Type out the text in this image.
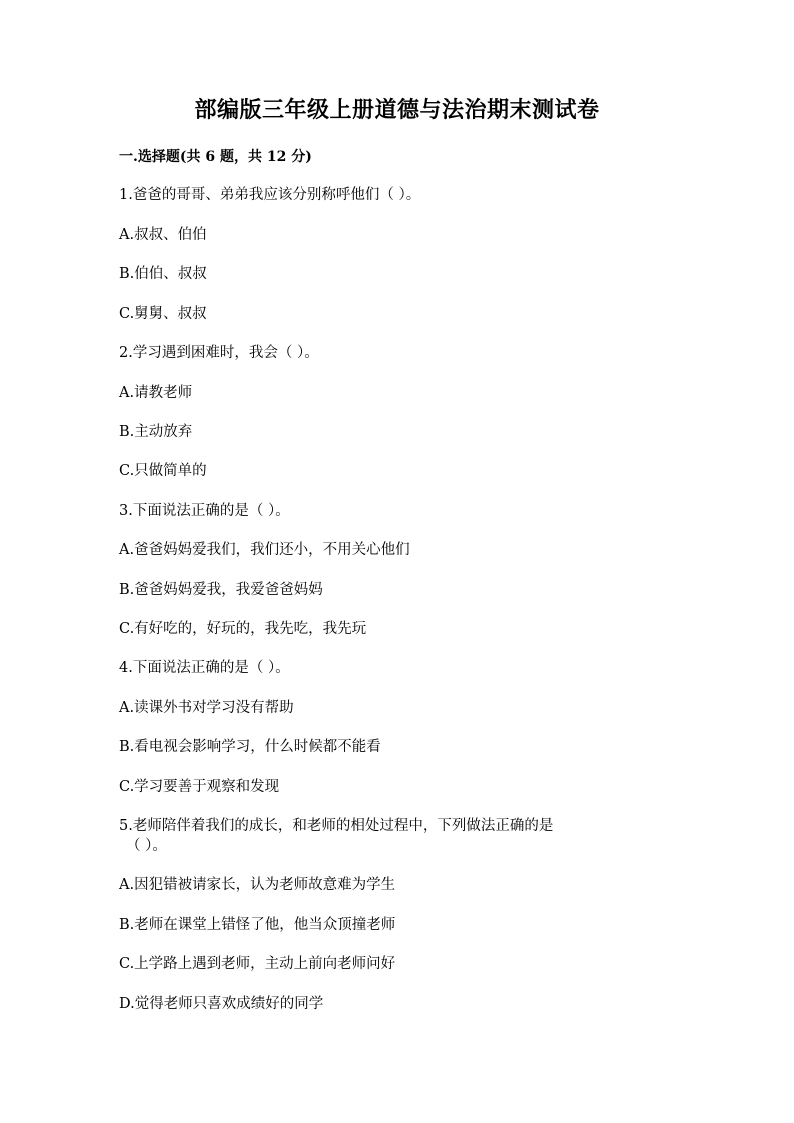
部编版三年级上册道德与法治期末测试卷
一.选择题(共 6 题，共 12 分)
1.爸爸的哥哥、弟弟我应该分别称呼他们（ ）。
A.叔叔、伯伯
B.伯伯、叔叔
C.舅舅、叔叔
2.学习遇到困难时，我会（ ）。
A.请教老师
B.主动放弃
C.只做简单的
3.下面说法正确的是（ ）。
A.爸爸妈妈爱我们，我们还小，不用关心他们
B.爸爸妈妈爱我，我爱爸爸妈妈
C.有好吃的，好玩的，我先吃，我先玩
4.下面说法正确的是（ ）。
A.读课外书对学习没有帮助
B.看电视会影响学习，什么时候都不能看
C.学习要善于观察和发现
5.老师陪伴着我们的成长，和老师的相处过程中，下列做法正确的是
（ ）。
A.因犯错被请家长，认为老师故意难为学生
B.老师在课堂上错怪了他，他当众顶撞老师
C.上学路上遇到老师，主动上前向老师问好
D.觉得老师只喜欢成绩好的同学
